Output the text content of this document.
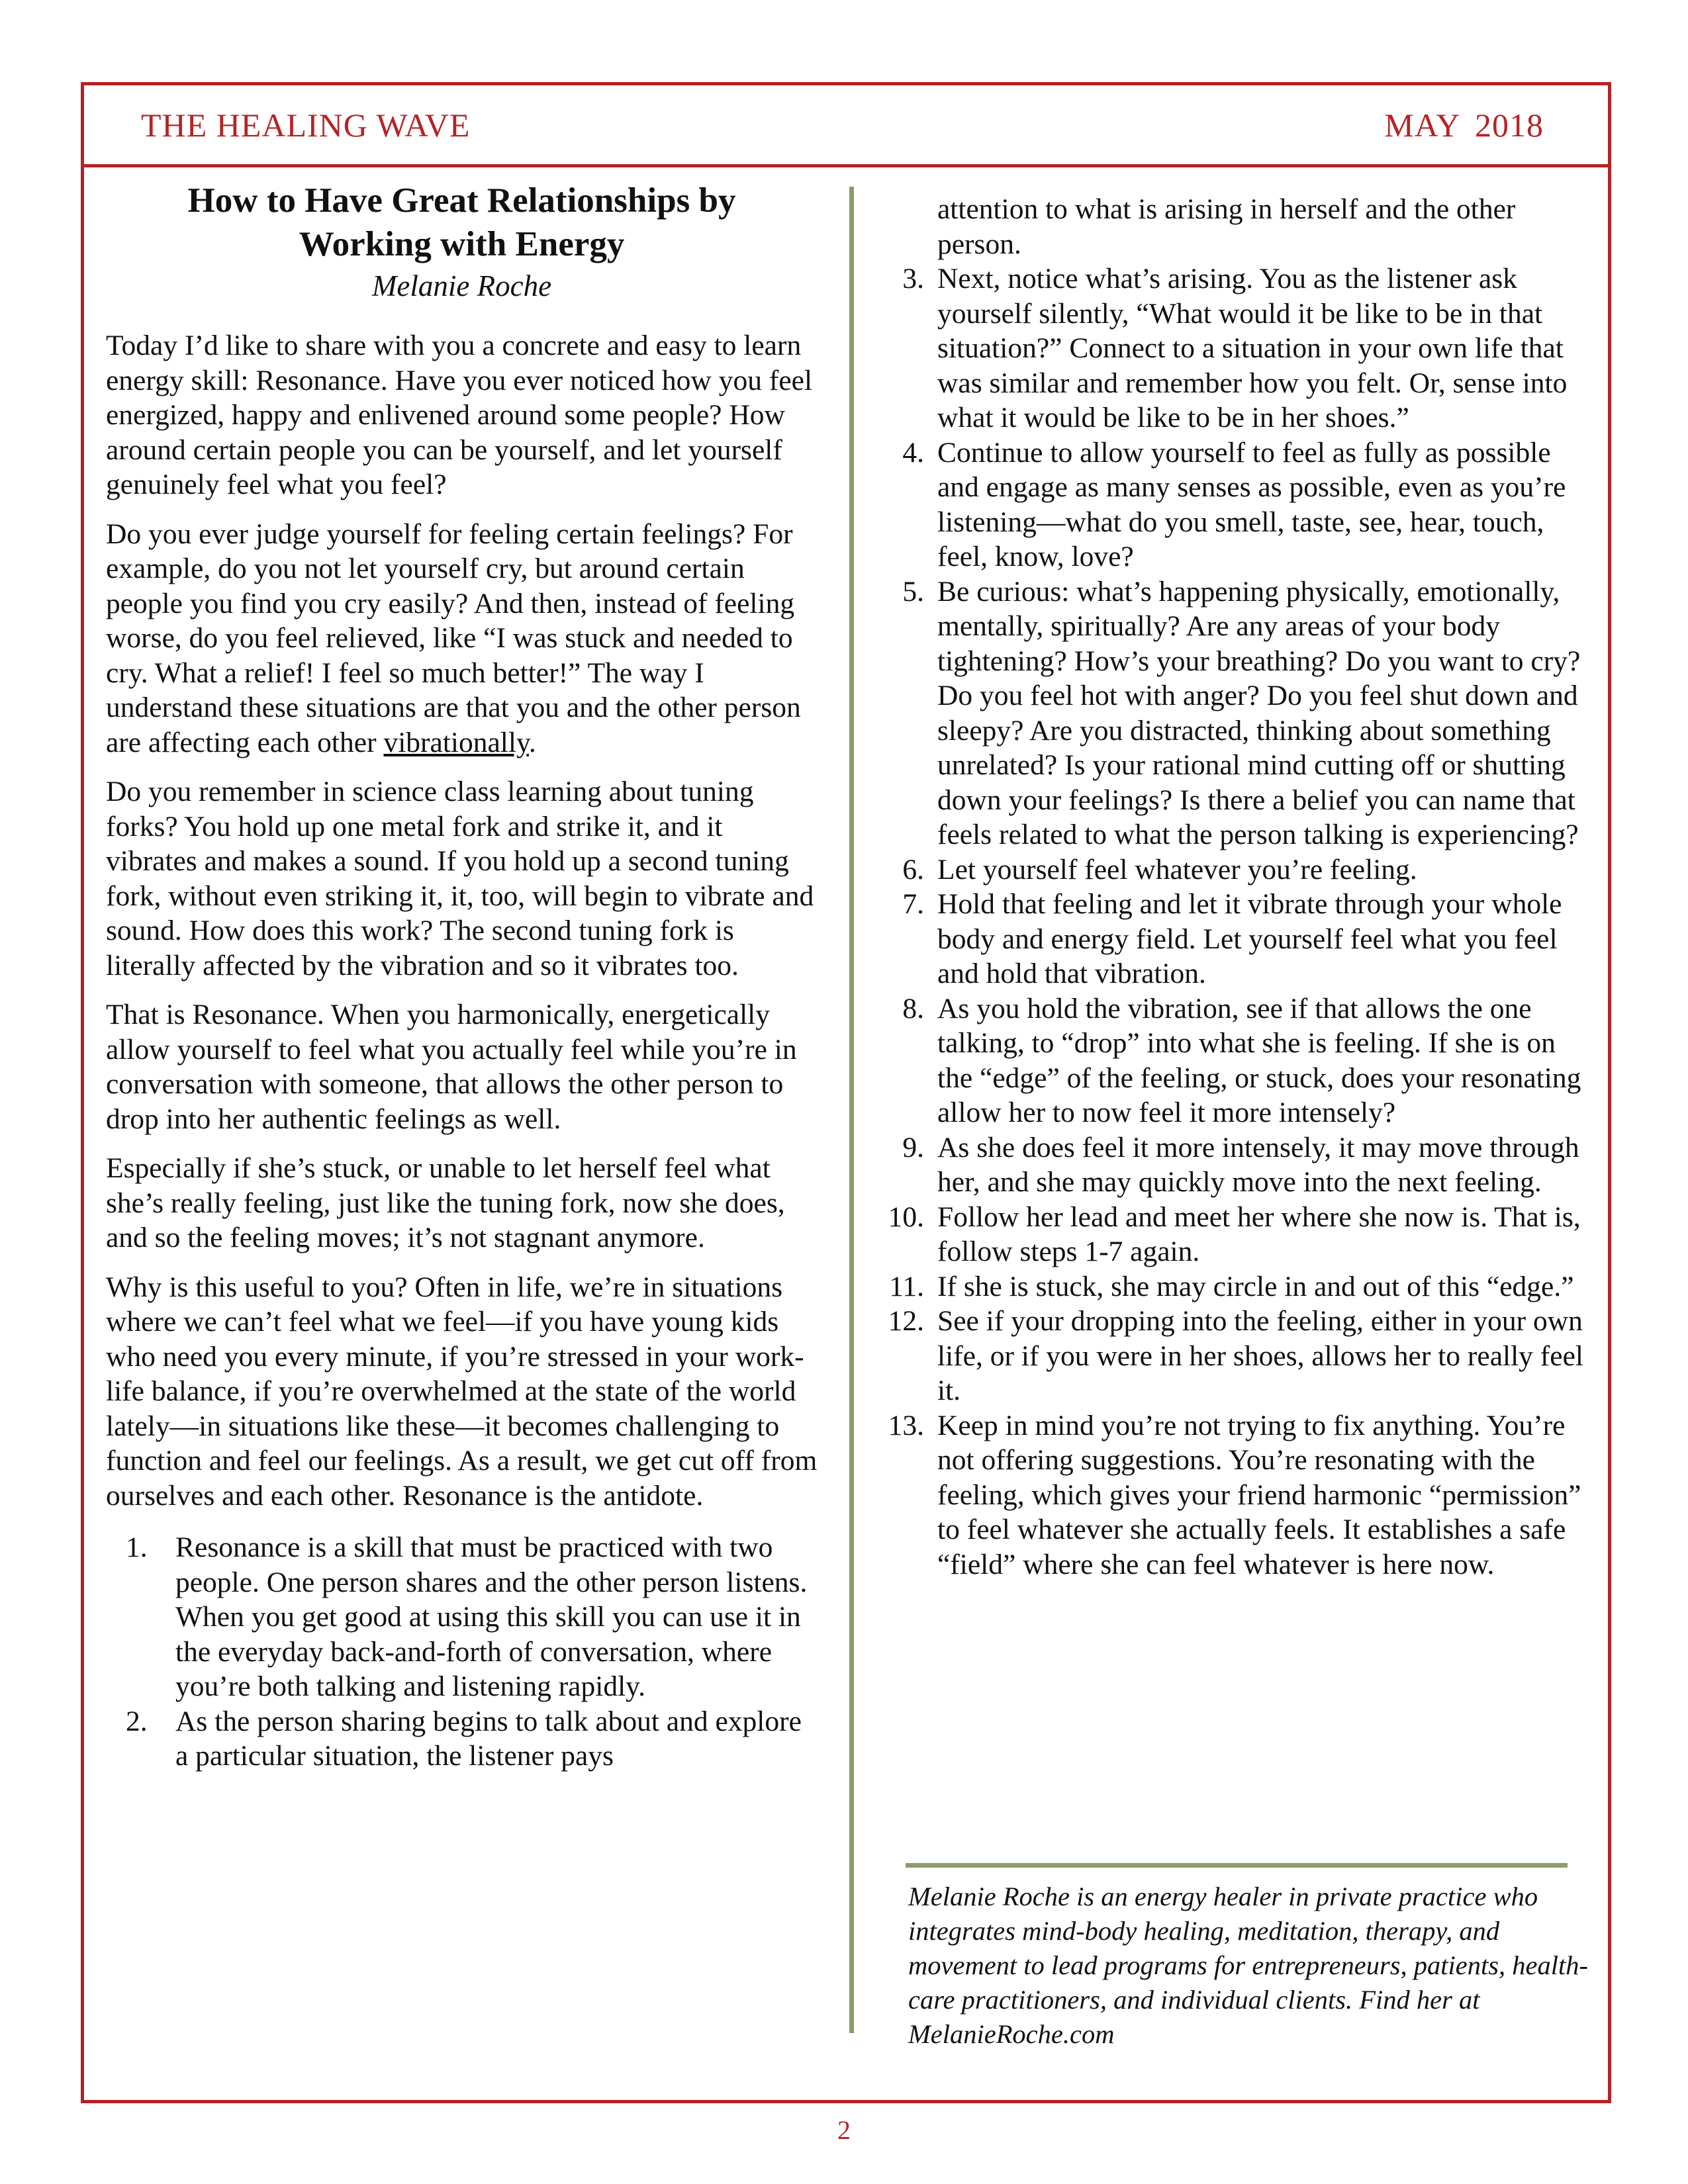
THE HEALING WAVE	MAY 2018
How to Have Great Relationships by Working with Energy
Melanie Roche

Today I’d like to share with you a concrete and easy to learn energy skill: Resonance. Have you ever noticed how you feel energized, happy and enlivened around some people? How around certain people you can be yourself, and let yourself genuinely feel what you feel?

Do you ever judge yourself for feeling certain feelings? For example, do you not let yourself cry, but around certain people you find you cry easily? And then, instead of feeling worse, do you feel relieved, like “I was stuck and needed to cry. What a relief! I feel so much better!” The way I understand these situations are that you and the other person are affecting each other vibrationally.

Do you remember in science class learning about tuning forks? You hold up one metal fork and strike it, and it vibrates and makes a sound. If you hold up a second tuning fork, without even striking it, it, too, will begin to vibrate and sound. How does this work? The second tuning fork is literally affected by the vibration and so it vibrates too.

That is Resonance. When you harmonically, energetically allow yourself to feel what you actually feel while you’re in conversation with someone, that allows the other person to drop into her authentic feelings as well.

Especially if she’s stuck, or unable to let herself feel what she’s really feeling, just like the tuning fork, now she does, and so the feeling moves; it’s not stagnant anymore.

Why is this useful to you? Often in life, we’re in situations where we can’t feel what we feel—if you have young kids who need you every minute, if you’re stressed in your work-life balance, if you’re overwhelmed at the state of the world lately—in situations like these—it becomes challenging to function and feel our feelings. As a result, we get cut off from ourselves and each other. Resonance is the antidote.

1. Resonance is a skill that must be practiced with two people. One person shares and the other person listens. When you get good at using this skill you can use it in the everyday back-and-forth of conversation, where you’re both talking and listening rapidly.
2. As the person sharing begins to talk about and explore a particular situation, the listener pays
attention to what is arising in herself and the other person.
3. Next, notice what’s arising. You as the listener ask yourself silently, “What would it be like to be in that situation?” Connect to a situation in your own life that was similar and remember how you felt. Or, sense into what it would be like to be in her shoes.”
4. Continue to allow yourself to feel as fully as possible and engage as many senses as possible, even as you’re listening—what do you smell, taste, see, hear, touch, feel, know, love?
5. Be curious: what’s happening physically, emotionally, mentally, spiritually? Are any areas of your body tightening? How’s your breathing? Do you want to cry? Do you feel hot with anger? Do you feel shut down and sleepy? Are you distracted, thinking about something unrelated? Is your rational mind cutting off or shutting down your feelings? Is there a belief you can name that feels related to what the person talking is experiencing?
6. Let yourself feel whatever you’re feeling.
7. Hold that feeling and let it vibrate through your whole body and energy field. Let yourself feel what you feel and hold that vibration.
8. As you hold the vibration, see if that allows the one talking, to “drop” into what she is feeling. If she is on the “edge” of the feeling, or stuck, does your resonating allow her to now feel it more intensely?
9. As she does feel it more intensely, it may move through her, and she may quickly move into the next feeling.
10. Follow her lead and meet her where she now is. That is, follow steps 1-7 again.
11. If she is stuck, she may circle in and out of this “edge.”
12. See if your dropping into the feeling, either in your own life, or if you were in her shoes, allows her to really feel it.
13. Keep in mind you’re not trying to fix anything. You’re not offering suggestions. You’re resonating with the feeling, which gives your friend harmonic “permission” to feel whatever she actually feels. It establishes a safe “field” where she can feel whatever is here now.
Melanie Roche is an energy healer in private practice who integrates mind-body healing, meditation, therapy, and movement to lead programs for entrepreneurs, patients, health-care practitioners, and individual clients. Find her at MelanieRoche.com
2
